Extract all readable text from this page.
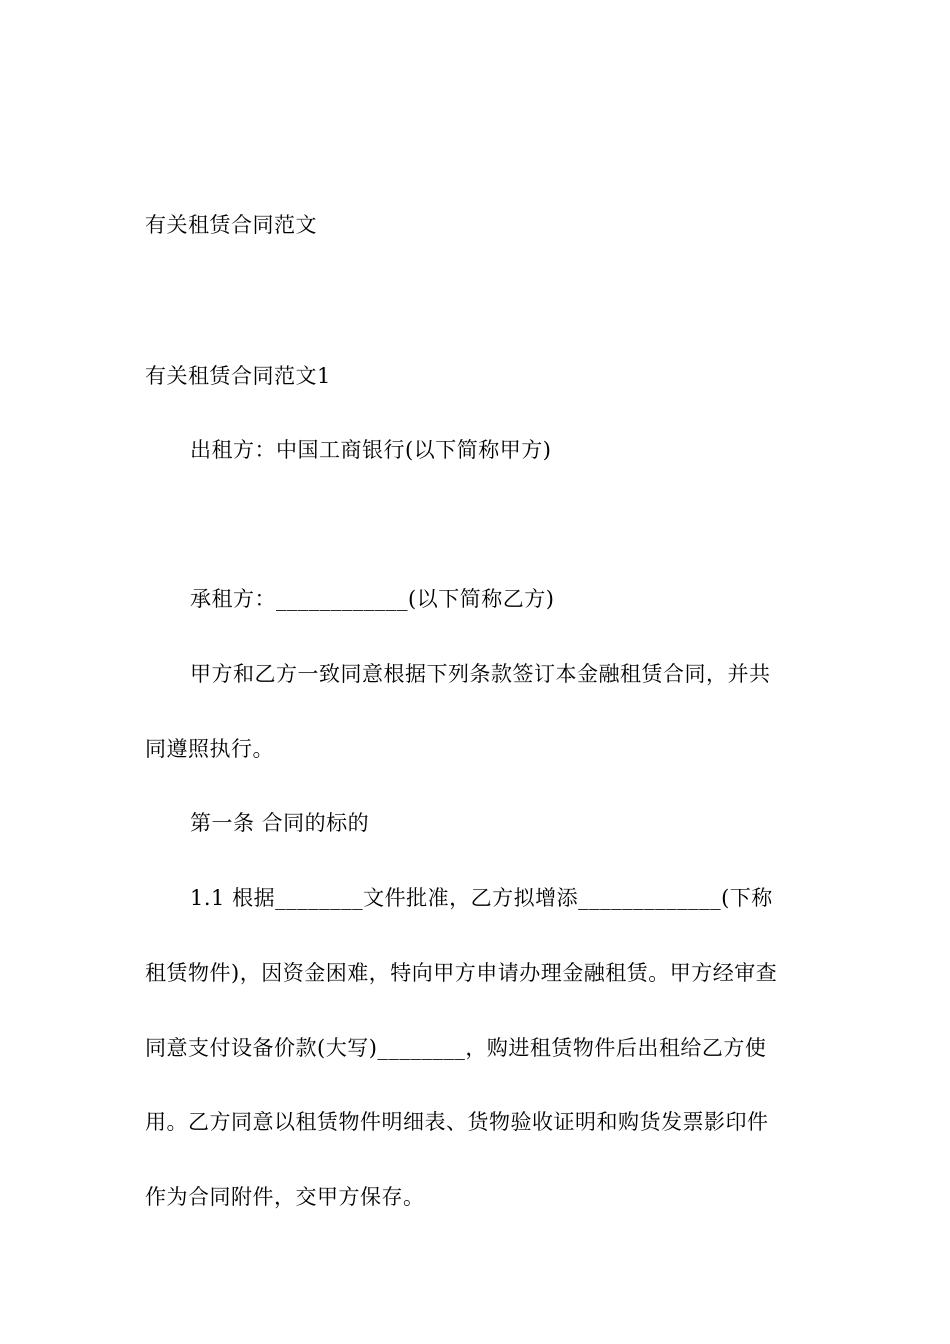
有关租赁合同范文
有关租赁合同范文1
出租方：中国工商银行(以下简称甲方)
承租方：____________(以下简称乙方)
甲方和乙方一致同意根据下列条款签订本金融租赁合同，并共
同遵照执行。
第一条 合同的标的
1.1 根据________文件批准，乙方拟增添_____________(下称
租赁物件)，因资金困难，特向甲方申请办理金融租赁。甲方经审查
同意支付设备价款(大写)________，购进租赁物件后出租给乙方使
用。乙方同意以租赁物件明细表、货物验收证明和购货发票影印件
作为合同附件，交甲方保存。
